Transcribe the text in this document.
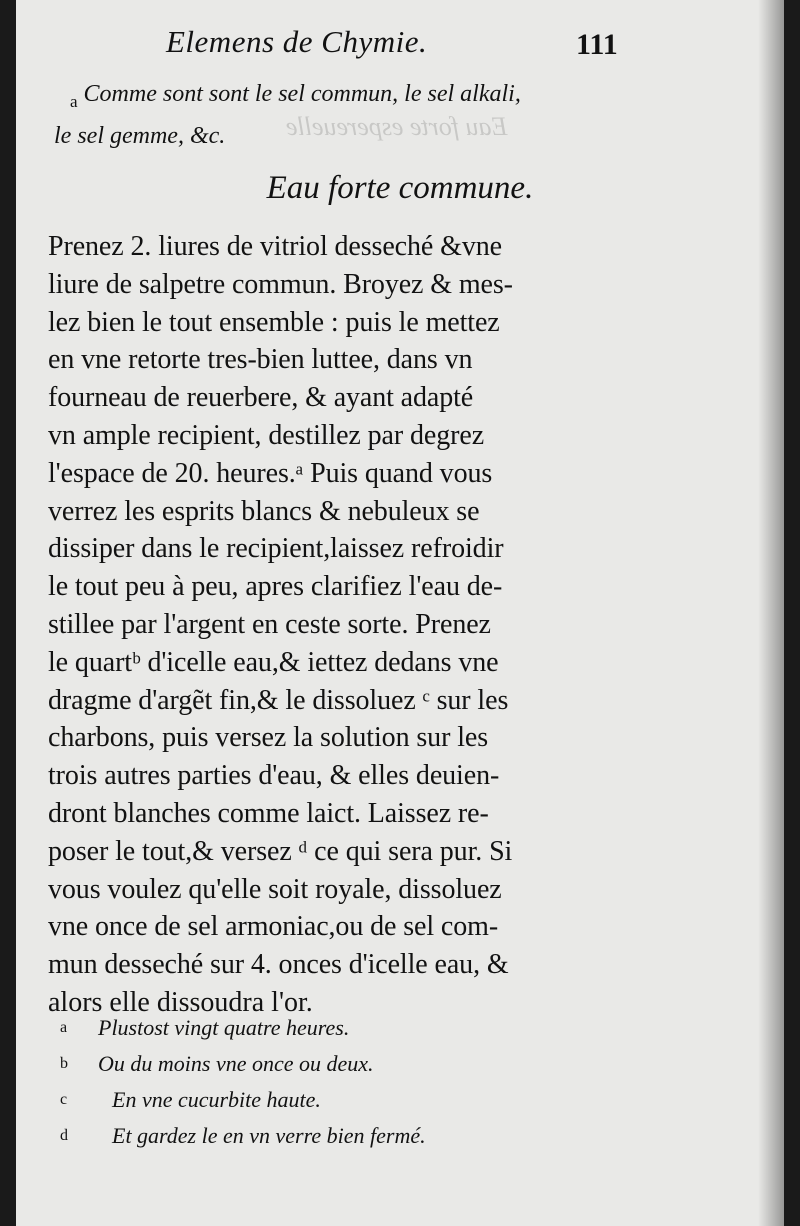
Eau forte espereuelle
Elemens de Chymie.	111
$_a$ Comme sont sont le sel commun, le sel alkali,
le sel gemme, &c.
Eau forte commune.
Prenez 2. liures de vitriol desseché &vne
liure de salpetre commun. Broyez & mes-
lez bien le tout ensemble : puis le mettez
en vne retorte tres-bien luttee, dans vn
fourneau de reuerbere, & ayant adapté
vn ample recipient, destillez par degrez
l'espace de 20. heures.ᵃ Puis quand vous
verrez les esprits blancs & nebuleux se
dissiper dans le recipient,laissez refroidir
le tout peu à peu, apres clarifiez l'eau de-
stillee par l'argent en ceste sorte. Prenez
le quartᵇ d'icelle eau,& iettez dedans vne
dragme d'argẽt fin,& le dissoluez ᶜ sur les
charbons, puis versez la solution sur les
trois autres parties d'eau, & elles deuien-
dront blanches comme laict. Laissez re-
poser le tout,& versez ᵈ ce qui sera pur. Si
vous voulez qu'elle soit royale, dissoluez
vne once de sel armoniac,ou de sel com-
mun desseché sur 4. onces d'icelle eau, &
alors elle dissoudra l'or.
a Plustost vingt quatre heures.
b Ou du moins vne once ou deux.
c En vne cucurbite haute.
d Et gardez le en vn verre bien fermé.
